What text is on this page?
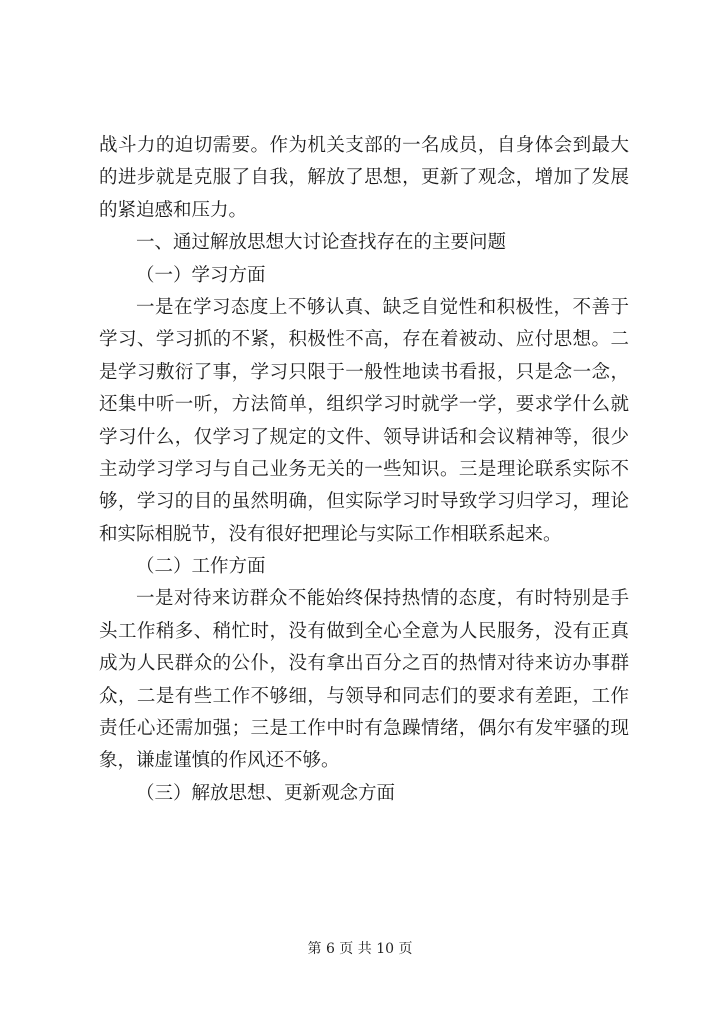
战斗力的迫切需要。作为机关支部的一名成员，自身体会到最大
的进步就是克服了自我，解放了思想，更新了观念，增加了发展
的紧迫感和压力。
一、通过解放思想大讨论查找存在的主要问题
（一）学习方面
一是在学习态度上不够认真、缺乏自觉性和积极性，不善于
学习、学习抓的不紧，积极性不高，存在着被动、应付思想。二
是学习敷衍了事，学习只限于一般性地读书看报，只是念一念，
还集中听一听，方法简单，组织学习时就学一学，要求学什么就
学习什么，仅学习了规定的文件、领导讲话和会议精神等，很少
主动学习学习与自己业务无关的一些知识。三是理论联系实际不
够，学习的目的虽然明确，但实际学习时导致学习归学习，理论
和实际相脱节，没有很好把理论与实际工作相联系起来。
（二）工作方面
一是对待来访群众不能始终保持热情的态度，有时特别是手
头工作稍多、稍忙时，没有做到全心全意为人民服务，没有正真
成为人民群众的公仆，没有拿出百分之百的热情对待来访办事群
众，二是有些工作不够细，与领导和同志们的要求有差距，工作
责任心还需加强；三是工作中时有急躁情绪，偶尔有发牢骚的现
象，谦虚谨慎的作风还不够。
（三）解放思想、更新观念方面
第 6 页 共 10 页
